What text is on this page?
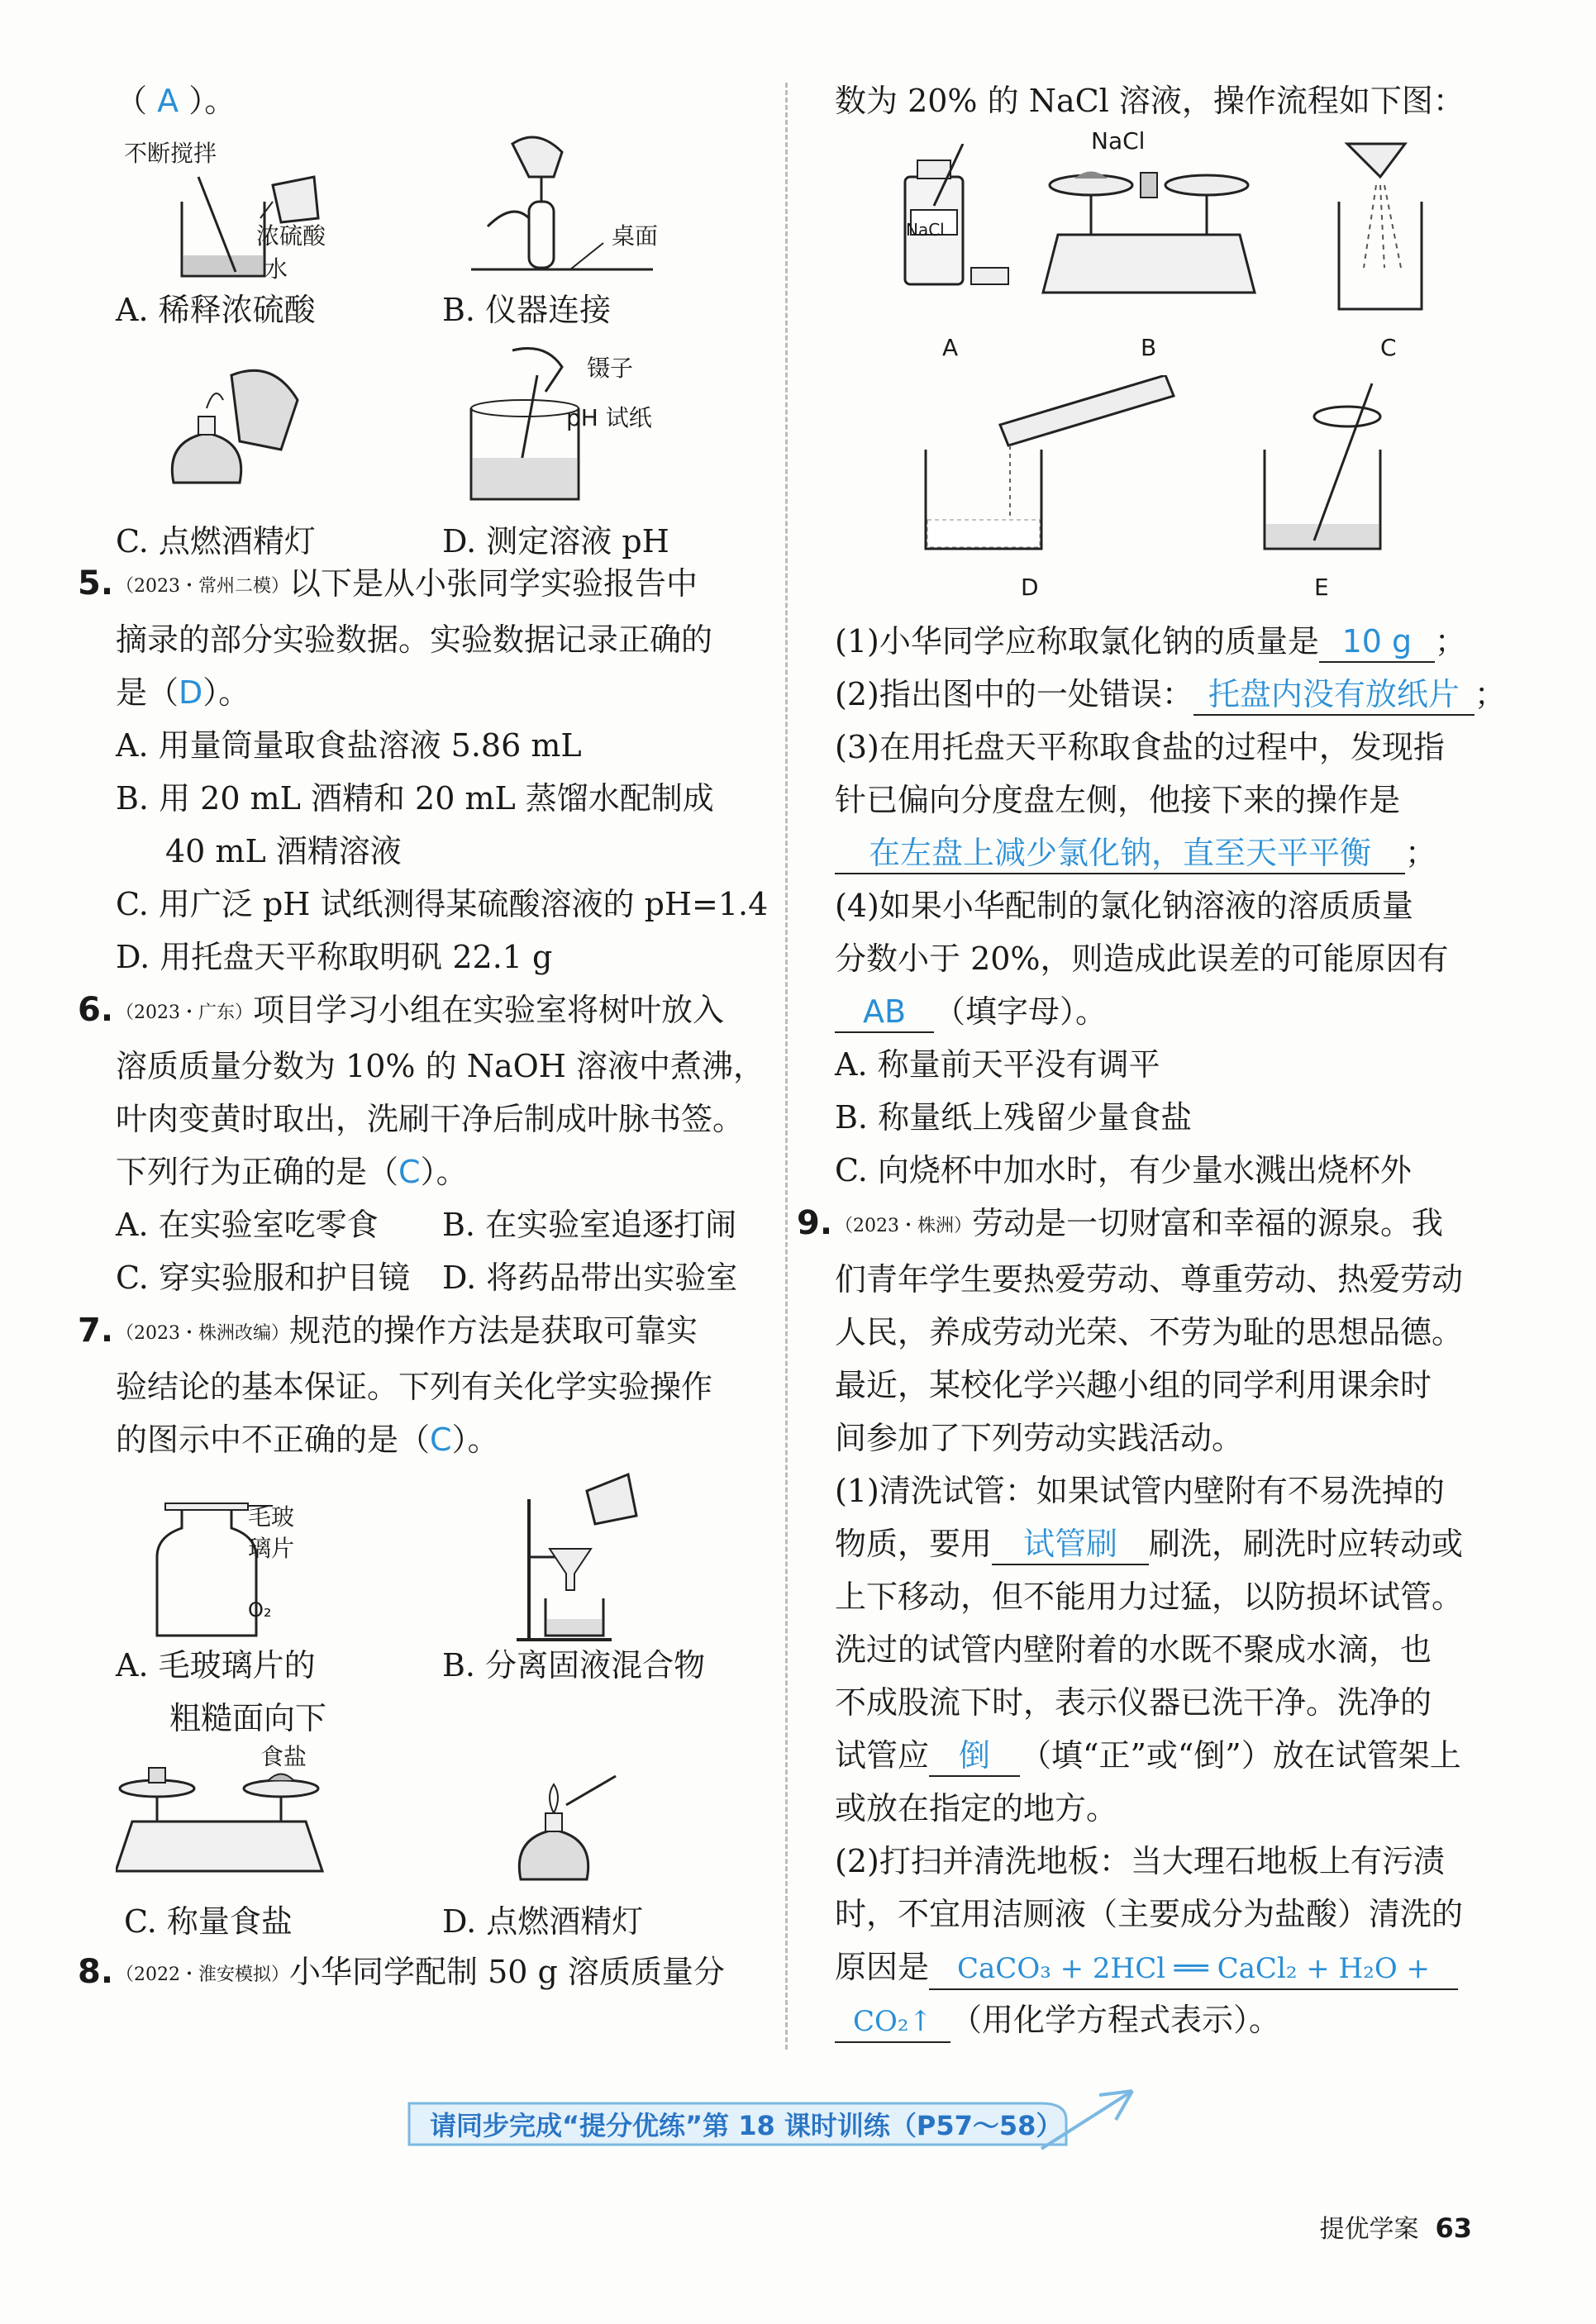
（ A ）。
不断搅拌
浓硫酸
水
A. 稀释浓硫酸
桌面
B. 仪器连接
C. 点燃酒精灯
镊子
pH 试纸
D. 测定溶液 pH
5. （2023・常州二模）以下是从小张同学实验报告中
摘录的部分实验数据。实验数据记录正确的
是（D）。
A. 用量筒量取食盐溶液 5.86 mL
B. 用 20 mL 酒精和 20 mL 蒸馏水配制成
40 mL 酒精溶液
C. 用广泛 pH 试纸测得某硫酸溶液的 pH=1.4
D. 用托盘天平称取明矾 22.1 g
6. （2023・广东）项目学习小组在实验室将树叶放入
溶质质量分数为 10% 的 NaOH 溶液中煮沸，
叶肉变黄时取出，洗刷干净后制成叶脉书签。
下列行为正确的是（C）。
A. 在实验室吃零食	B. 在实验室追逐打闹
C. 穿实验服和护目镜	D. 将药品带出实验室
7. （2023・株洲改编）规范的操作方法是获取可靠实
验结论的基本保证。下列有关化学实验操作
的图示中不正确的是（C）。
毛玻
璃片
O₂
A. 毛玻璃片的
粗糙面向下
B. 分离固液混合物
食盐
C. 称量食盐	D. 点燃酒精灯
8. （2022・淮安模拟）小华同学配制 50 g 溶质质量分
数为 20% 的 NaCl 溶液，操作流程如下图：
NaCl
A
NaCl
B	C
D	E
(1)小华同学应称取氯化钠的质量是 10 g ；
(2)指出图中的一处错误： 托盘内没有放纸片 ；
(3)在用托盘天平称取食盐的过程中，发现指
针已偏向分度盘左侧，他接下来的操作是
在左盘上减少氯化钠，直至天平平衡 ；
(4)如果小华配制的氯化钠溶液的溶质质量
分数小于 20%，则造成此误差的可能原因有
AB （填字母）。
A. 称量前天平没有调平
B. 称量纸上残留少量食盐
C. 向烧杯中加水时，有少量水溅出烧杯外
9. （2023・株洲）劳动是一切财富和幸福的源泉。我
们青年学生要热爱劳动、尊重劳动、热爱劳动
人民，养成劳动光荣、不劳为耻的思想品德。
最近，某校化学兴趣小组的同学利用课余时
间参加了下列劳动实践活动。
(1)清洗试管：如果试管内壁附有不易洗掉的
物质，要用 试管刷 刷洗，刷洗时应转动或
上下移动，但不能用力过猛，以防损坏试管。
洗过的试管内壁附着的水既不聚成水滴，也
不成股流下时，表示仪器已洗干净。洗净的
试管应 倒 （填“正”或“倒”）放在试管架上
或放在指定的地方。
(2)打扫并清洗地板：当大理石地板上有污渍
时，不宜用洁厕液（主要成分为盐酸）清洗的
原因是 CaCO₃ + 2HCl ══ CaCl₂ + H₂O +
CO₂↑ （用化学方程式表示）。
请同步完成“提分优练”第 18 课时训练（P57～58）
提优学案 63
